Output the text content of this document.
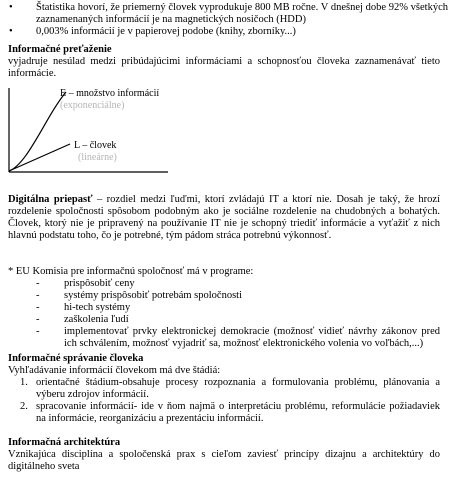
• Štatistika hovorí, že priemerný človek vyprodukuje 800 MB ročne. V dnešnej dobe 92% všetkých zaznamenaných informácií je na magnetických nosičoch (HDD)
• 0,003% informácií je v papierovej podobe (knihy, zborníky...)
Informačné preťaženie
vyjadruje nesúlad medzi pribúdajúcimi informáciami a schopnosťou človeka zaznamenávať tieto informácie.
E – množstvo informácií
(exponenciálne)
L – človek
(lineárne)
Digitálna priepasť – rozdiel medzi ľuďmi, ktorí zvládajú IT a ktorí nie. Dosah je taký, že hrozí rozdelenie spoločnosti spôsobom podobným ako je sociálne rozdelenie na chudobných a bohatých. Človek, ktorý nie je pripravený na používanie IT nie je schopný triediť informácie a vyťažiť z nich hlavnú podstatu toho, čo je potrebné, tým pádom stráca potrebnú výkonnosť.
* EU Komisia pre informačnú spoločnosť má v programe:
- prispôsobiť ceny
- systémy prispôsobiť potrebám spoločnosti
- hi-tech systémy
- zaškolenia ľudí
- implementovať prvky elektronickej demokracie (možnosť vidieť návrhy zákonov pred ich schválením, možnosť vyjadriť sa, možnosť elektronického volenia vo voľbách,...)
Informačné správanie človeka
Vyhľadávanie informácií človekom má dve štádiá:
1. orientačné štádium-obsahuje procesy rozpoznania a formulovania problému, plánovania a výberu zdrojov informácií.
2. spracovanie informácií- ide v ňom najmä o interpretáciu problému, reformulácie požiadaviek na informácie, reorganizáciu a prezentáciu informácií.
Informačná architektúra
Vznikajúca disciplína a spoločenská prax s cieľom zaviesť princípy dizajnu a architektúry do digitálneho sveta
